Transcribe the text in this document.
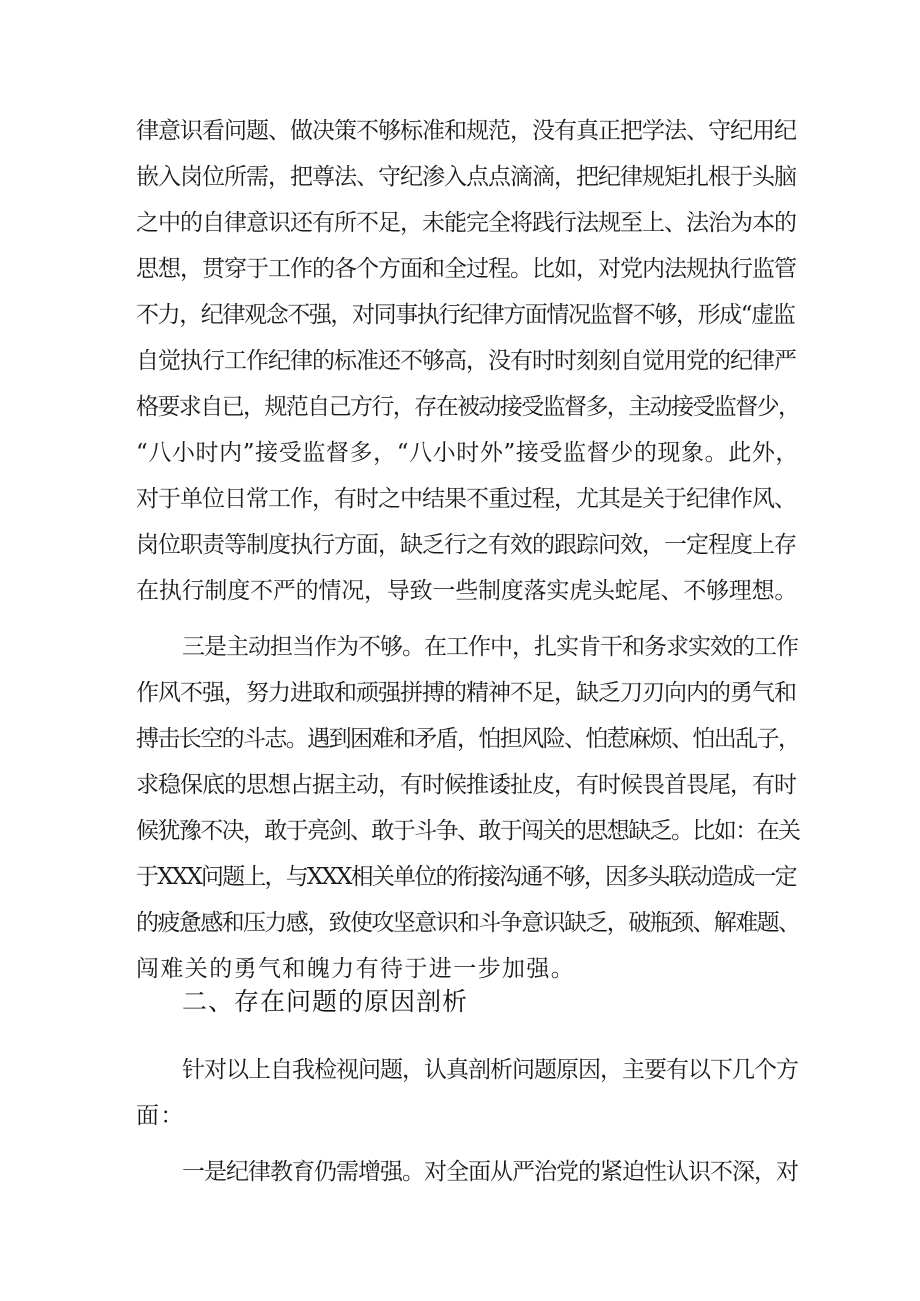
律意识看问题、做决策不够标准和规范，没有真正把学法、守纪用纪
嵌入岗位所需，把尊法、守纪渗入点点滴滴，把纪律规矩扎根于头脑
之中的自律意识还有所不足，未能完全将践行法规至上、法治为本的
思想，贯穿于工作的各个方面和全过程。比如，对党内法规执行监管
不力，纪律观念不强，对同事执行纪律方面情况监督不够，形成“虚监
自觉执行工作纪律的标准还不够高，没有时时刻刻自觉用党的纪律严
格要求自已，规范自己方行，存在被动接受监督多，主动接受监督少，
“八小时内”接受监督多，“八小时外”接受监督少的现象。此外，
对于单位日常工作，有时之中结果不重过程，尤其是关于纪律作风、
岗位职责等制度执行方面，缺乏行之有效的跟踪问效，一定程度上存
在执行制度不严的情况，导致一些制度落实虎头蛇尾、不够理想。
三是主动担当作为不够。在工作中，扎实肯干和务求实效的工作
作风不强，努力进取和顽强拼搏的精神不足，缺乏刀刃向内的勇气和
搏击长空的斗志。遇到困难和矛盾，怕担风险、怕惹麻烦、怕出乱子，
求稳保底的思想占据主动，有时候推诿扯皮，有时候畏首畏尾，有时
候犹豫不决，敢于亮剑、敢于斗争、敢于闯关的思想缺乏。比如：在关
于XXX问题上，与XXX相关单位的衔接沟通不够，因多头联动造成一定
的疲惫感和压力感，致使攻坚意识和斗争意识缺乏，破瓶颈、解难题、
闯难关的勇气和魄力有待于进一步加强。
二、存在问题的原因剖析
针对以上自我检视问题，认真剖析问题原因，主要有以下几个方
面：
一是纪律教育仍需增强。对全面从严治党的紧迫性认识不深，对
